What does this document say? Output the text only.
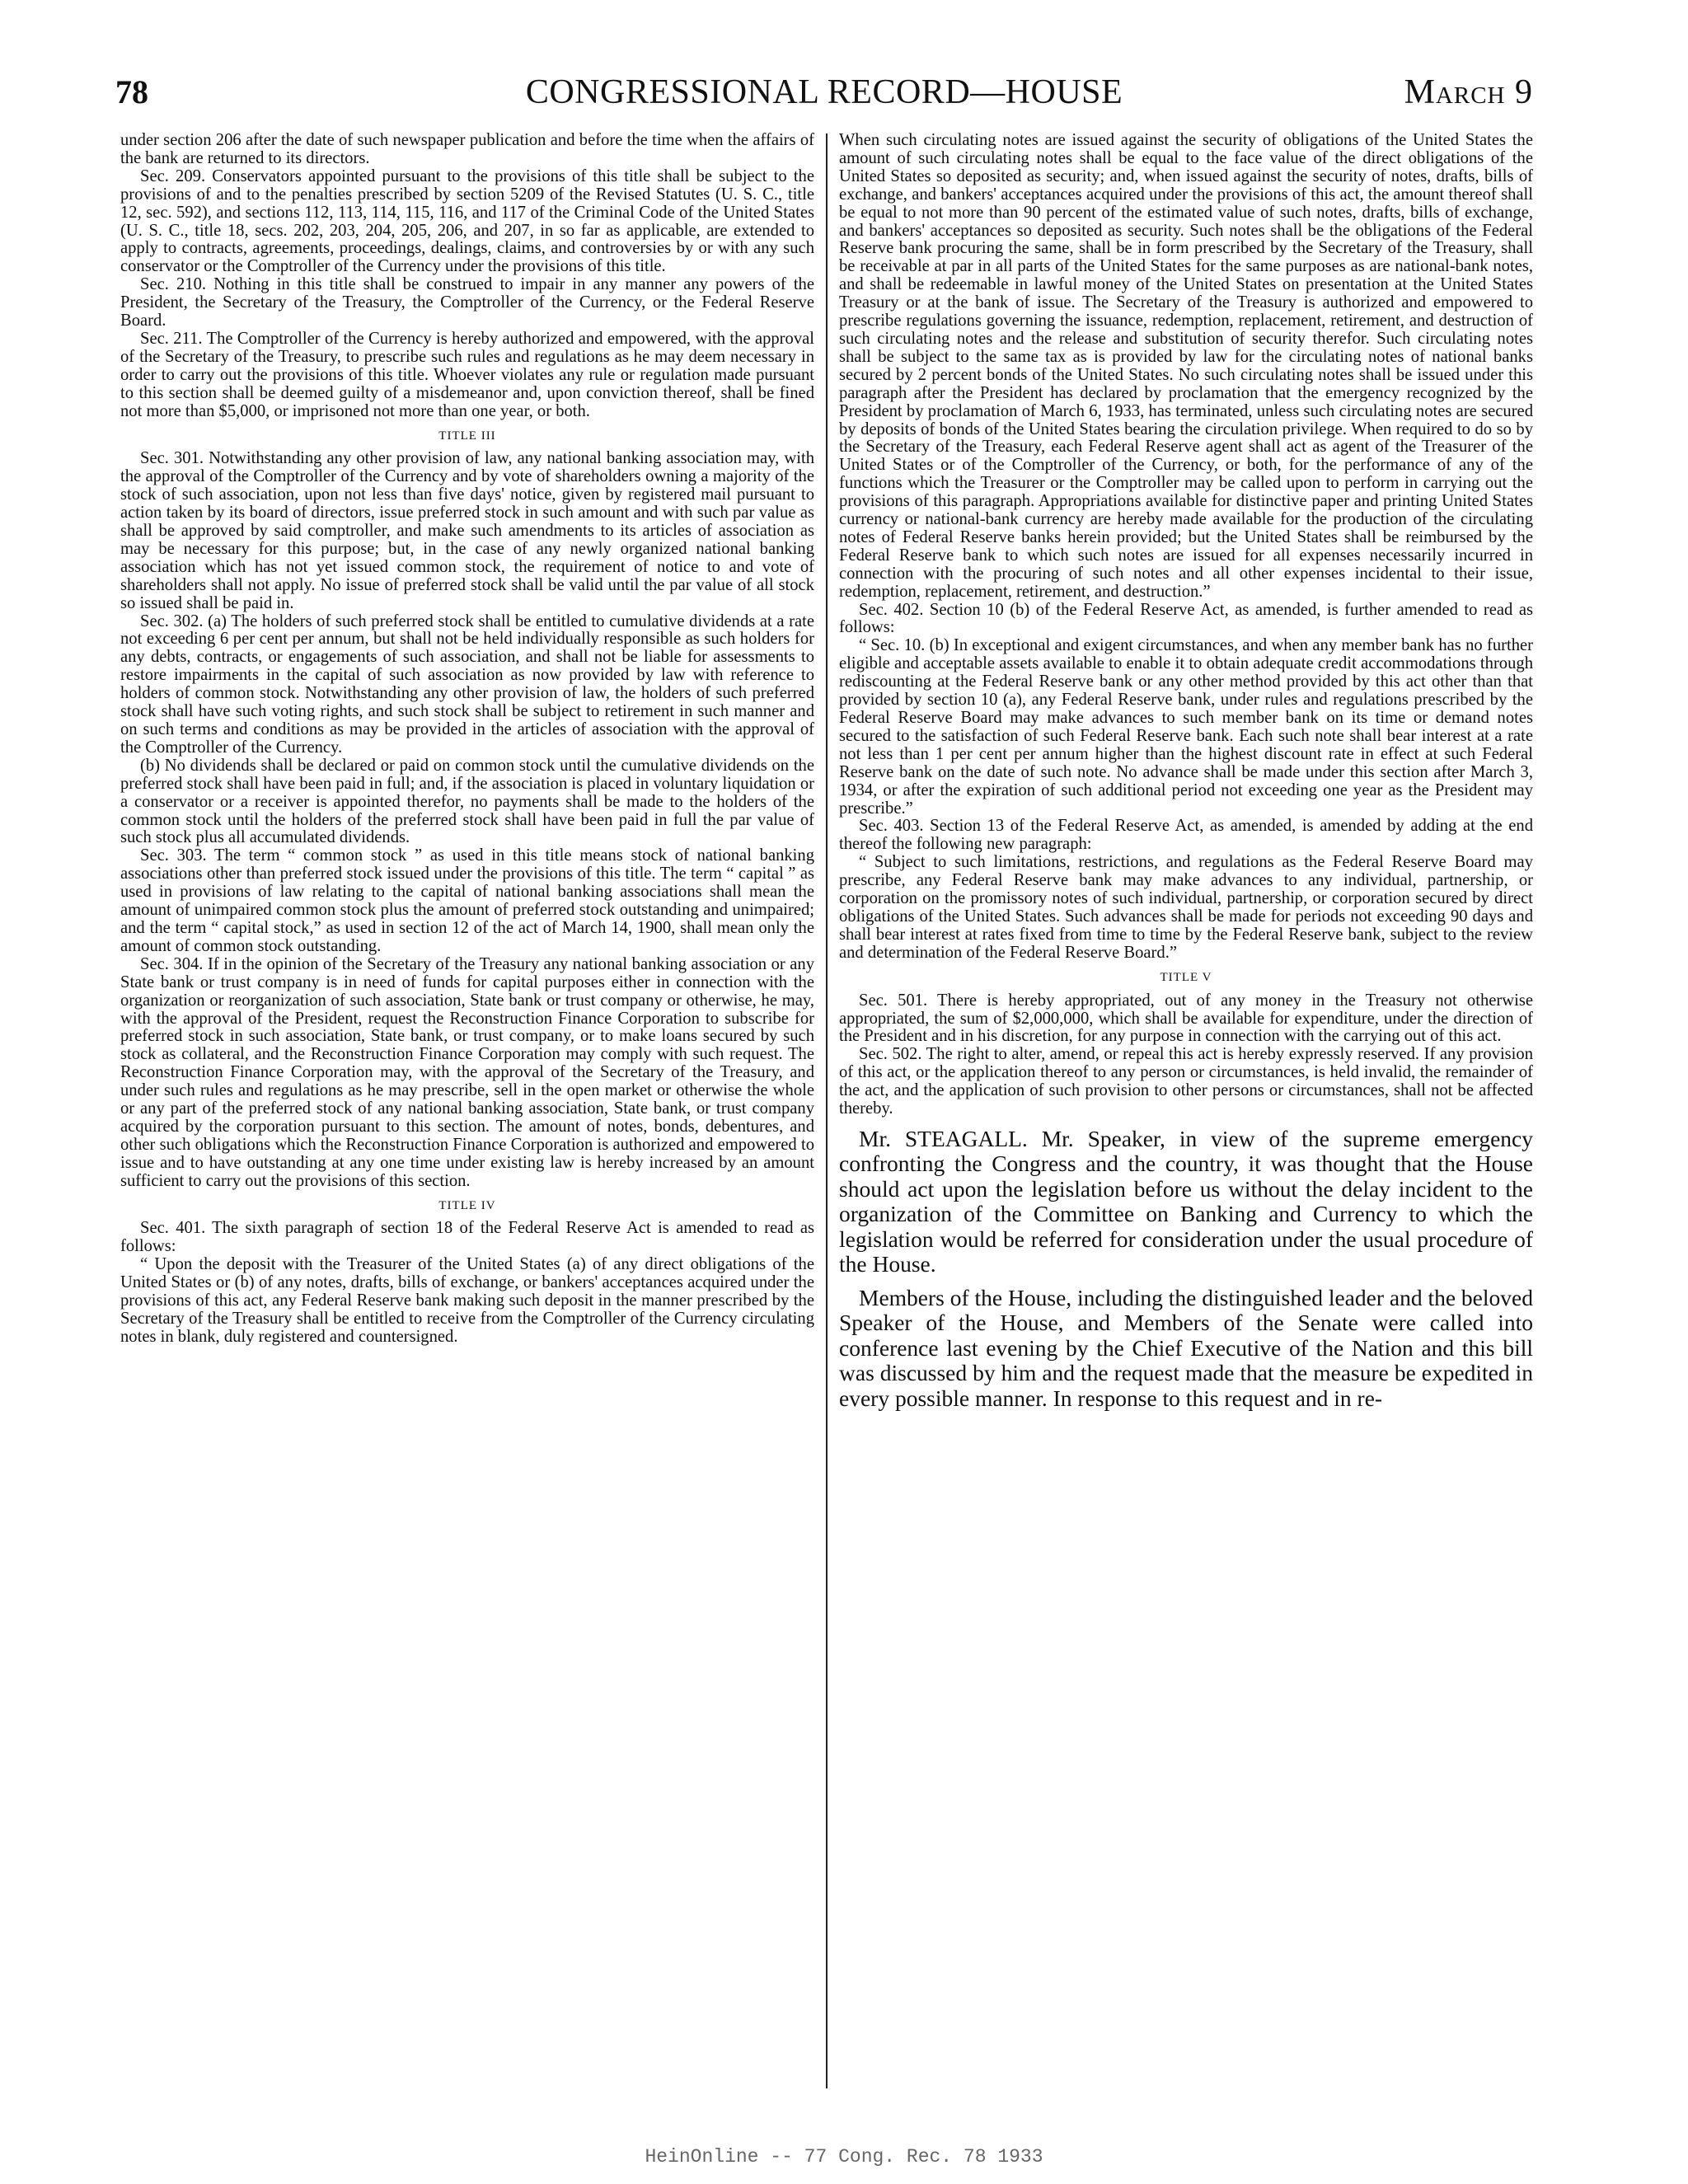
CONGRESSIONAL RECORD—HOUSE
78	March 9

under section 206 after the date of such newspaper publication and before the time when the affairs of the bank are returned to its directors.

Sec. 209. Conservators appointed pursuant to the provisions of this title shall be subject to the provisions of and to the penalties prescribed by section 5209 of the Revised Statutes (U. S. C., title 12, sec. 592), and sections 112, 113, 114, 115, 116, and 117 of the Criminal Code of the United States (U. S. C., title 18, secs. 202, 203, 204, 205, 206, and 207, in so far as applicable, are extended to apply to contracts, agreements, proceedings, dealings, claims, and controversies by or with any such conservator or the Comptroller of the Currency under the provisions of this title.

Sec. 210. Nothing in this title shall be construed to impair in any manner any powers of the President, the Secretary of the Treasury, the Comptroller of the Currency, or the Federal Reserve Board.

Sec. 211. The Comptroller of the Currency is hereby authorized and empowered, with the approval of the Secretary of the Treasury, to prescribe such rules and regulations as he may deem necessary in order to carry out the provisions of this title. Whoever violates any rule or regulation made pursuant to this section shall be deemed guilty of a misdemeanor and, upon conviction thereof, shall be fined not more than $5,000, or imprisoned not more than one year, or both.

TITLE III

Sec. 301. Notwithstanding any other provision of law, any national banking association may, with the approval of the Comptroller of the Currency and by vote of shareholders owning a majority of the stock of such association, upon not less than five days' notice, given by registered mail pursuant to action taken by its board of directors, issue preferred stock in such amount and with such par value as shall be approved by said comptroller, and make such amendments to its articles of association as may be necessary for this purpose; but, in the case of any newly organized national banking association which has not yet issued common stock, the requirement of notice to and vote of shareholders shall not apply. No issue of preferred stock shall be valid until the par value of all stock so issued shall be paid in.

Sec. 302. (a) The holders of such preferred stock shall be entitled to cumulative dividends at a rate not exceeding 6 per cent per annum, but shall not be held individually responsible as such holders for any debts, contracts, or engagements of such association, and shall not be liable for assessments to restore impairments in the capital of such association as now provided by law with reference to holders of common stock. Notwithstanding any other provision of law, the holders of such preferred stock shall have such voting rights, and such stock shall be subject to retirement in such manner and on such terms and conditions as may be provided in the articles of association with the approval of the Comptroller of the Currency.

(b) No dividends shall be declared or paid on common stock until the cumulative dividends on the preferred stock shall have been paid in full; and, if the association is placed in voluntary liquidation or a conservator or a receiver is appointed therefor, no payments shall be made to the holders of the common stock until the holders of the preferred stock shall have been paid in full the par value of such stock plus all accumulated dividends.

Sec. 303. The term “ common stock ” as used in this title means stock of national banking associations other than preferred stock issued under the provisions of this title. The term “ capital ” as used in provisions of law relating to the capital of national banking associations shall mean the amount of unimpaired common stock plus the amount of preferred stock outstanding and unimpaired; and the term “ capital stock,” as used in section 12 of the act of March 14, 1900, shall mean only the amount of common stock outstanding.

Sec. 304. If in the opinion of the Secretary of the Treasury any national banking association or any State bank or trust company is in need of funds for capital purposes either in connection with the organization or reorganization of such association, State bank or trust company or otherwise, he may, with the approval of the President, request the Reconstruction Finance Corporation to subscribe for preferred stock in such association, State bank, or trust company, or to make loans secured by such stock as collateral, and the Reconstruction Finance Corporation may comply with such request. The Reconstruction Finance Corporation may, with the approval of the Secretary of the Treasury, and under such rules and regulations as he may prescribe, sell in the open market or otherwise the whole or any part of the preferred stock of any national banking association, State bank, or trust company acquired by the corporation pursuant to this section. The amount of notes, bonds, debentures, and other such obligations which the Reconstruction Finance Corporation is authorized and empowered to issue and to have outstanding at any one time under existing law is hereby increased by an amount sufficient to carry out the provisions of this section.

TITLE IV

Sec. 401. The sixth paragraph of section 18 of the Federal Reserve Act is amended to read as follows:

“ Upon the deposit with the Treasurer of the United States (a) of any direct obligations of the United States or (b) of any notes, drafts, bills of exchange, or bankers' acceptances acquired under the provisions of this act, any Federal Reserve bank making such deposit in the manner prescribed by the Secretary of the Treasury shall be entitled to receive from the Comptroller of the Currency circulating notes in blank, duly registered and countersigned.

When such circulating notes are issued against the security of obligations of the United States the amount of such circulating notes shall be equal to the face value of the direct obligations of the United States so deposited as security; and, when issued against the security of notes, drafts, bills of exchange, and bankers' acceptances acquired under the provisions of this act, the amount thereof shall be equal to not more than 90 percent of the estimated value of such notes, drafts, bills of exchange, and bankers' acceptances so deposited as security. Such notes shall be the obligations of the Federal Reserve bank procuring the same, shall be in form prescribed by the Secretary of the Treasury, shall be receivable at par in all parts of the United States for the same purposes as are national-bank notes, and shall be redeemable in lawful money of the United States on presentation at the United States Treasury or at the bank of issue. The Secretary of the Treasury is authorized and empowered to prescribe regulations governing the issuance, redemption, replacement, retirement, and destruction of such circulating notes and the release and substitution of security therefor. Such circulating notes shall be subject to the same tax as is provided by law for the circulating notes of national banks secured by 2 percent bonds of the United States. No such circulating notes shall be issued under this paragraph after the President has declared by proclamation that the emergency recognized by the President by proclamation of March 6, 1933, has terminated, unless such circulating notes are secured by deposits of bonds of the United States bearing the circulation privilege. When required to do so by the Secretary of the Treasury, each Federal Reserve agent shall act as agent of the Treasurer of the United States or of the Comptroller of the Currency, or both, for the performance of any of the functions which the Treasurer or the Comptroller may be called upon to perform in carrying out the provisions of this paragraph. Appropriations available for distinctive paper and printing United States currency or national-bank currency are hereby made available for the production of the circulating notes of Federal Reserve banks herein provided; but the United States shall be reimbursed by the Federal Reserve bank to which such notes are issued for all expenses necessarily incurred in connection with the procuring of such notes and all other expenses incidental to their issue, redemption, replacement, retirement, and destruction.”

Sec. 402. Section 10 (b) of the Federal Reserve Act, as amended, is further amended to read as follows:

“ Sec. 10. (b) In exceptional and exigent circumstances, and when any member bank has no further eligible and acceptable assets available to enable it to obtain adequate credit accommodations through rediscounting at the Federal Reserve bank or any other method provided by this act other than that provided by section 10 (a), any Federal Reserve bank, under rules and regulations prescribed by the Federal Reserve Board may make advances to such member bank on its time or demand notes secured to the satisfaction of such Federal Reserve bank. Each such note shall bear interest at a rate not less than 1 per cent per annum higher than the highest discount rate in effect at such Federal Reserve bank on the date of such note. No advance shall be made under this section after March 3, 1934, or after the expiration of such additional period not exceeding one year as the President may prescribe.”

Sec. 403. Section 13 of the Federal Reserve Act, as amended, is amended by adding at the end thereof the following new paragraph:

“ Subject to such limitations, restrictions, and regulations as the Federal Reserve Board may prescribe, any Federal Reserve bank may make advances to any individual, partnership, or corporation on the promissory notes of such individual, partnership, or corporation secured by direct obligations of the United States. Such advances shall be made for periods not exceeding 90 days and shall bear interest at rates fixed from time to time by the Federal Reserve bank, subject to the review and determination of the Federal Reserve Board.”

TITLE V

Sec. 501. There is hereby appropriated, out of any money in the Treasury not otherwise appropriated, the sum of $2,000,000, which shall be available for expenditure, under the direction of the President and in his discretion, for any purpose in connection with the carrying out of this act.

Sec. 502. The right to alter, amend, or repeal this act is hereby expressly reserved. If any provision of this act, or the application thereof to any person or circumstances, is held invalid, the remainder of the act, and the application of such provision to other persons or circumstances, shall not be affected thereby.

Mr. STEAGALL. Mr. Speaker, in view of the supreme emergency confronting the Congress and the country, it was thought that the House should act upon the legislation before us without the delay incident to the organization of the Committee on Banking and Currency to which the legislation would be referred for consideration under the usual procedure of the House.

Members of the House, including the distinguished leader and the beloved Speaker of the House, and Members of the Senate were called into conference last evening by the Chief Executive of the Nation and this bill was discussed by him and the request made that the measure be expedited in every possible manner. In response to this request and in re-

HeinOnline -- 77 Cong. Rec. 78 1933
